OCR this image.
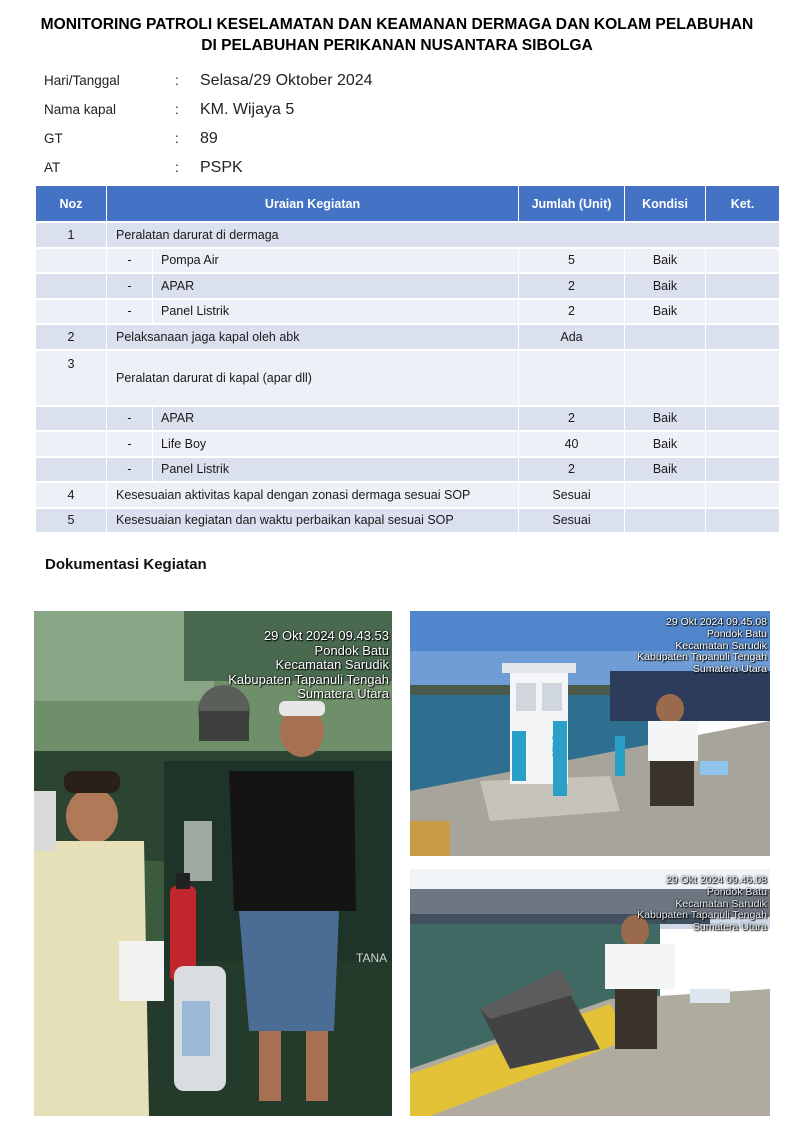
MONITORING PATROLI KESELAMATAN DAN KEAMANAN DERMAGA DAN KOLAM PELABUHAN
DI PELABUHAN PERIKANAN NUSANTARA SIBOLGA
Hari/Tanggal	:	Selasa/29 Oktober 2024
Nama kapal	:	KM. Wijaya 5
GT	:	89
AT	:	PSPK
Noz	Uraian Kegiatan		Jumlah (Unit)	Kondisi	Ket.
1	Peralatan darurat di dermaga				
	-	Pompa Air	5	Baik	
	-	APAR	2	Baik	
	-	Panel Listrik	2	Baik	
2	Pelaksanaan jaga kapal oleh abk		Ada		
3	Peralatan darurat di kapal (apar dll)				
	-	APAR	2	Baik	
	-	Life Boy	40	Baik	
	-	Panel Listrik	2	Baik	
4	Kesesuaian aktivitas kapal dengan zonasi dermaga sesuai SOP		Sesuai		
5	Kesesuaian kegiatan dan waktu perbaikan kapal sesuai SOP		Sesuai		
Dokumentasi Kegiatan
29 Okt 2024 09.43.53
Pondok Batu
Kecamatan Sarudik
Kabupaten Tapanuli Tengah
Sumatera Utara
TANA
29 Okt 2024 09.45.08
Pondok Batu
Kecamatan Sarudik
Kabupaten Tapanuli Tengah
Sumatera Utara
STAR
29 Okt 2024 09.46.08
Pondok Batu
Kecamatan Sarudik
Kabupaten Tapanuli Tengah
Sumatera Utara
